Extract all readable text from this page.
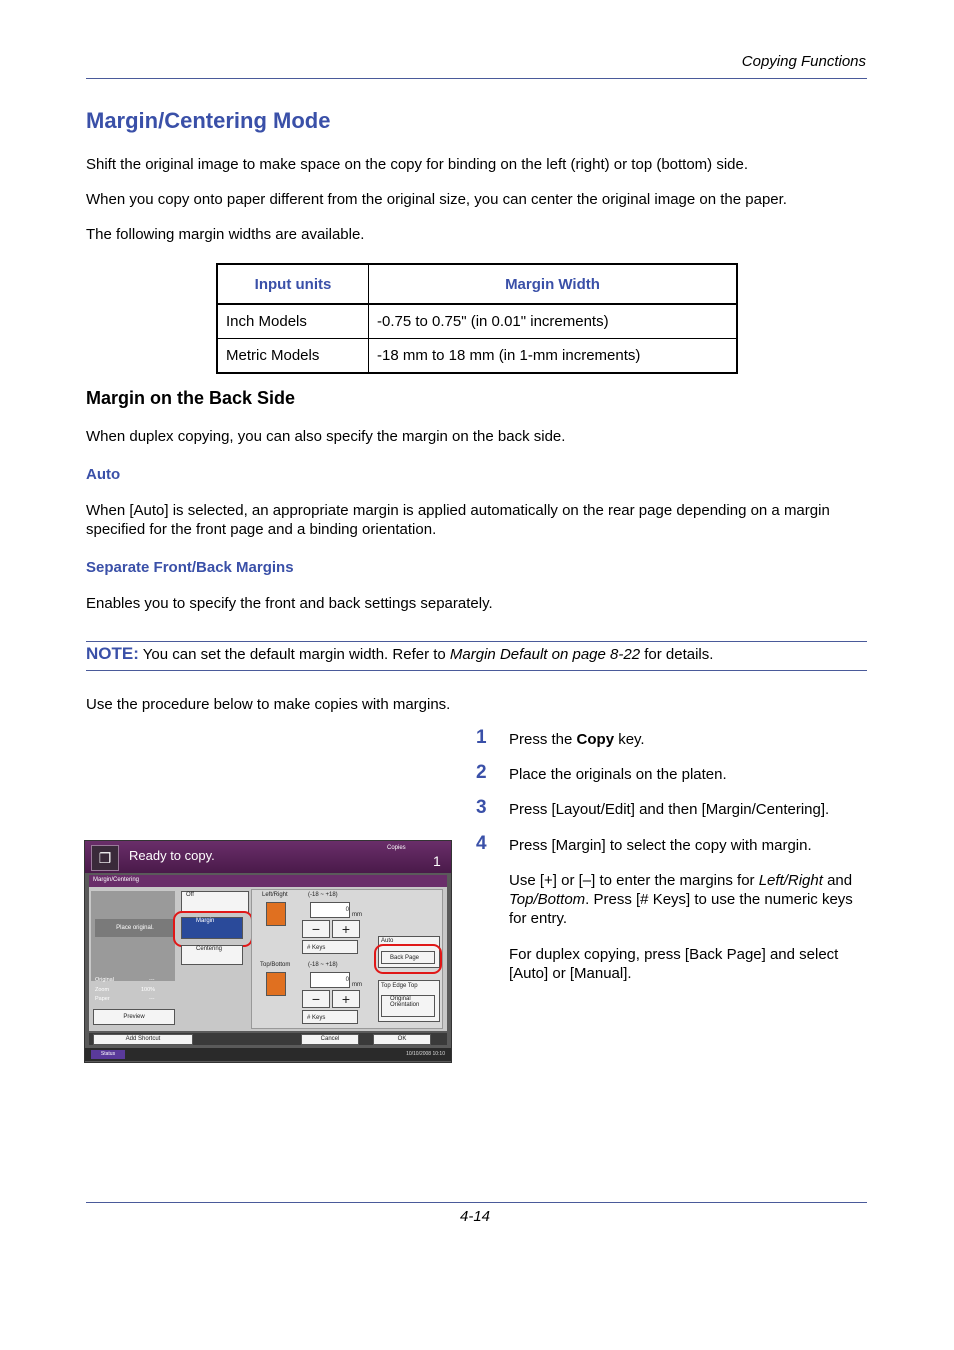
Copying Functions
Margin/Centering Mode
Shift the original image to make space on the copy for binding on the left (right) or top (bottom) side.
When you copy onto paper different from the original size, you can center the original image on the paper.
The following margin widths are available.
Input units	Margin Width
Inch Models	-0.75 to 0.75" (in 0.01" increments)
Metric Models	-18 mm to 18 mm (in 1-mm increments)
Margin on the Back Side
When duplex copying, you can also specify the margin on the back side.
Auto
When [Auto] is selected, an appropriate margin is applied automatically on the rear page depending on a margin specified for the front page and a binding orientation.
Separate Front/Back Margins
Enables you to specify the front and back settings separately.
NOTE: You can set the default margin width. Refer to Margin Default on page 8-22 for details.
Use the procedure below to make copies with margins.
1 Press the Copy key.
2 Place the originals on the platen.
3 Press [Layout/Edit] and then [Margin/Centering].
4 Press [Margin] to select the copy with margin.
Use [+] or [–] to enter the margins for Left/Right and Top/Bottom. Press [# Keys] to use the numeric keys for entry.
For duplex copying, press [Back Page] and select [Auto] or [Manual].
❐	Ready to copy.	Copies
1
Margin/Centering
Place original.
Original	---
Zoom	100%
Paper	---
Preview
Off
Margin
Centering
Left/Right	(-18 ~ +18)
0
mm
−	+
# Keys
Top/Bottom	(-18 ~ +18)
0
mm
−	+
# Keys
Auto
Back Page
Top Edge Top
Original Orientation
Add Shortcut	Cancel	OK
Status	10/10/2008 10:10
4-14
